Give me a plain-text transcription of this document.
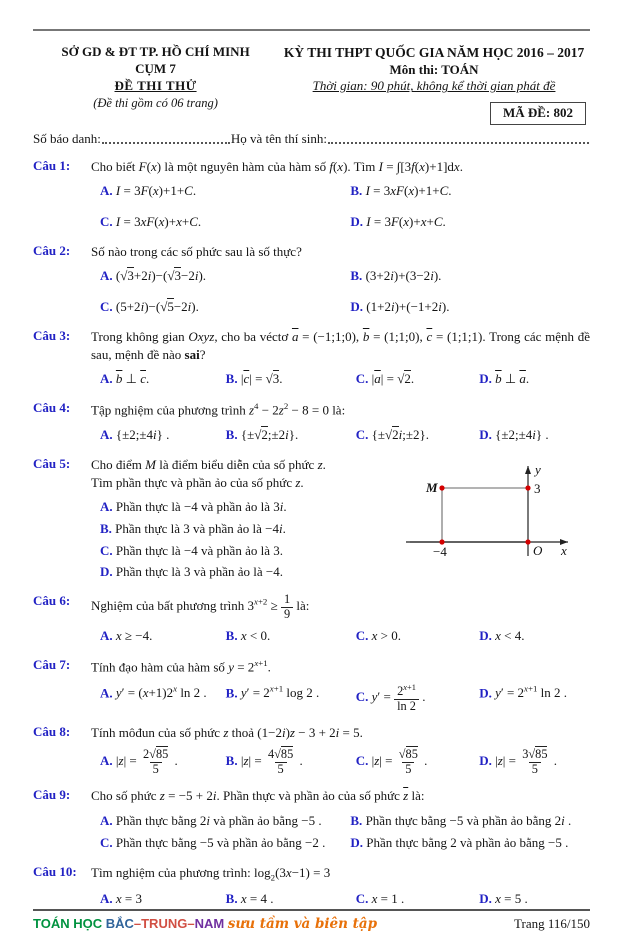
SỞ GD & ĐT TP. HỒ CHÍ MINH
CỤM 7
ĐỀ THI THỬ
(Đề thi gồm có 06 trang)
KỲ THI THPT QUỐC GIA NĂM HỌC 2016 – 2017
Môn thi: TOÁN
Thời gian: 90 phút, không kể thời gian phát đề
MÃ ĐỀ: 802
Số báo danh:	Họ và tên thí sinh:
Câu 1:	Cho biết F(x) là một nguyên hàm của hàm số f(x). Tìm I = ∫[3f(x)+1]dx.
A. I = 3F(x)+1+C.	B. I = 3xF(x)+1+C.
C. I = 3xF(x)+x+C.	D. I = 3F(x)+x+C.
Câu 2:	Số nào trong các số phức sau là số thực?
A. (√3+2i)−(√3−2i).	B. (3+2i)+(3−2i).
C. (5+2i)−(√5−2i).	D. (1+2i)+(−1+2i).
Câu 3:	Trong không gian Oxyz, cho ba véctơ $\overline{a}$ = (−1;1;0), $\overline{b}$ = (1;1;0), $\overline{c}$ = (1;1;1). Trong các mệnh đề sau, mệnh đề nào sai?
A. $\overline{b}$ ⊥ $\overline{c}$.	B. $|\overline{c}| = √3$.	C. $|\overline{a}| = √2$.	D. $\overline{b}$ ⊥ $\overline{a}$.
Câu 4:	Tập nghiệm của phương trình $z^4 - 2z^2 - 8 = 0$ là:
A. {±2;±4i} .	B. {±√2;±2i}.	C. {±√2i;±2}.	D. {±2;±4i} .
Câu 5:	Cho điểm M là điểm biểu diễn của số phức z.
Tìm phần thực và phần ảo của số phức z.
A. Phần thực là −4 và phần ảo là 3i.
B. Phần thực là 3 và phần ảo là −4i.
C. Phần thực là −4 và phần ảo là 3.
D. Phần thực là 3 và phần ảo là −4.
M	3
−4	O x
y
Câu 6:	Nghiệm của bất phương trình $3^{x+2} \ge \frac{1}{9}$ là:
A. x ≥ −4.	B. x < 0.	C. x > 0.	D. x < 4.
Câu 7:	Tính đạo hàm của hàm số $y = 2^{x+1}$.
A. $y' = (x+1)2^x$ ln 2 .	B. $y' = 2^{x+1}$ log 2 .	C. $y' = \frac{2^{x+1}}{\ln 2}$ .	D. $y' = 2^{x+1}$ ln 2 .
Câu 8:	Tính môđun của số phức z thoả (1−2i)z − 3 + 2i = 5.
A. $|z| = \frac{2√85}{5}$ .	B. $|z| = \frac{4√85}{5}$ .	C. $|z| = \frac{√85}{5}$ .	D. $|z| = \frac{3√85}{5}$ .
Câu 9:	Cho số phức z = −5 + 2i. Phần thực và phần ảo của số phức $\overline{z}$ là:
A. Phần thực bằng 2i và phần ảo bằng −5 .	B. Phần thực bằng −5 và phần ảo bằng 2i .
C. Phần thực bằng −5 và phần ảo bằng −2 .	D. Phần thực bằng 2 và phần ảo bằng −5 .
Câu 10:	Tìm nghiệm của phương trình: $\log_2(3x-1) = 3$
A. x = 3	B. x = 4 .	C. x = 1 .	D. x = 5 .
TOÁN HỌC BẮC–TRUNG–NAM sưu tầm và biên tập	Trang 116/150
